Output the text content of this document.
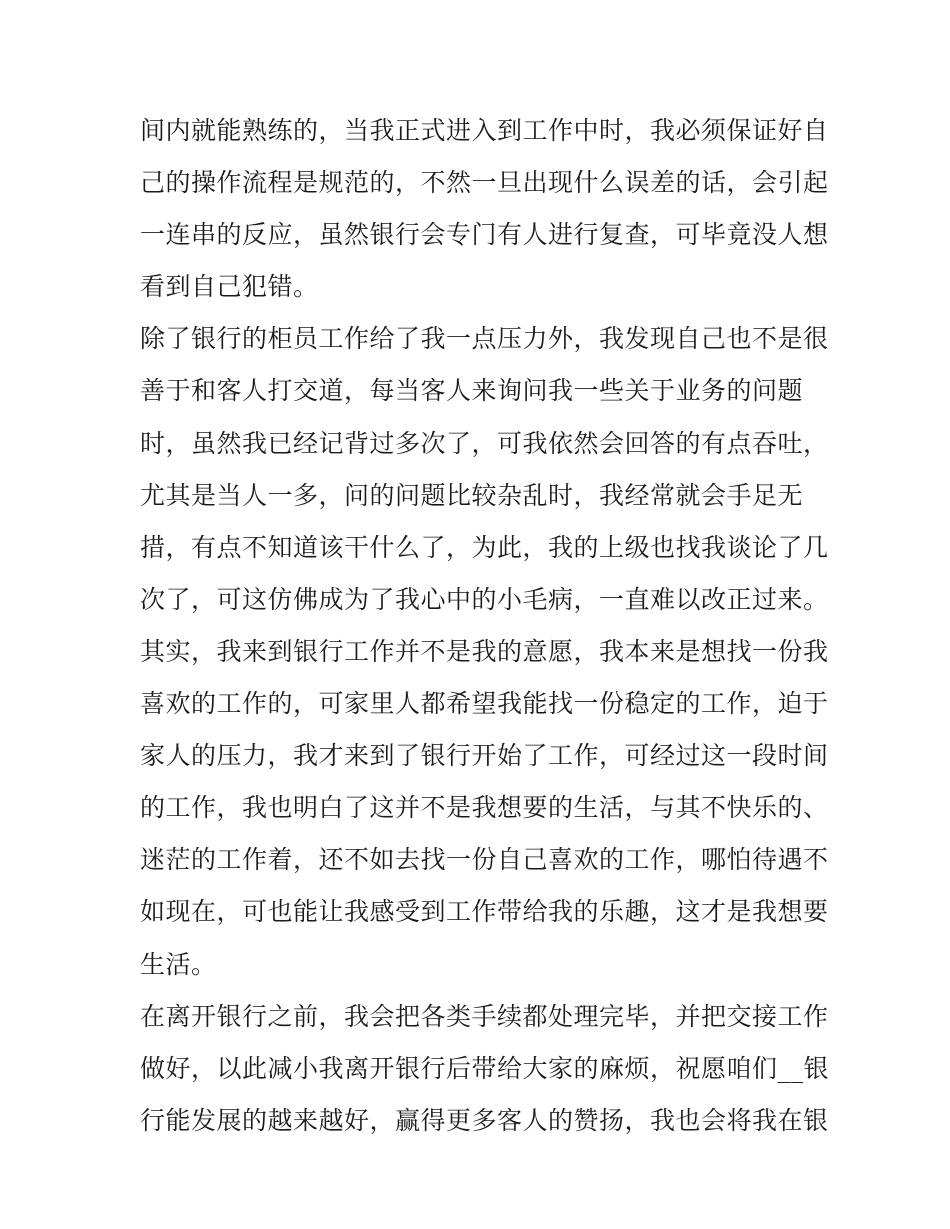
间内就能熟练的，当我正式进入到工作中时，我必须保证好自
己的操作流程是规范的，不然一旦出现什么误差的话，会引起
一连串的反应，虽然银行会专门有人进行复查，可毕竟没人想
看到自己犯错。
除了银行的柜员工作给了我一点压力外，我发现自己也不是很
善于和客人打交道，每当客人来询问我一些关于业务的问题
时，虽然我已经记背过多次了，可我依然会回答的有点吞吐，
尤其是当人一多，问的问题比较杂乱时，我经常就会手足无
措，有点不知道该干什么了，为此，我的上级也找我谈论了几
次了，可这仿佛成为了我心中的小毛病，一直难以改正过来。
其实，我来到银行工作并不是我的意愿，我本来是想找一份我
喜欢的工作的，可家里人都希望我能找一份稳定的工作，迫于
家人的压力，我才来到了银行开始了工作，可经过这一段时间
的工作，我也明白了这并不是我想要的生活，与其不快乐的、
迷茫的工作着，还不如去找一份自己喜欢的工作，哪怕待遇不
如现在，可也能让我感受到工作带给我的乐趣，这才是我想要
生活。
在离开银行之前，我会把各类手续都处理完毕，并把交接工作
做好，以此减小我离开银行后带给大家的麻烦，祝愿咱们__银
行能发展的越来越好，赢得更多客人的赞扬，我也会将我在银
